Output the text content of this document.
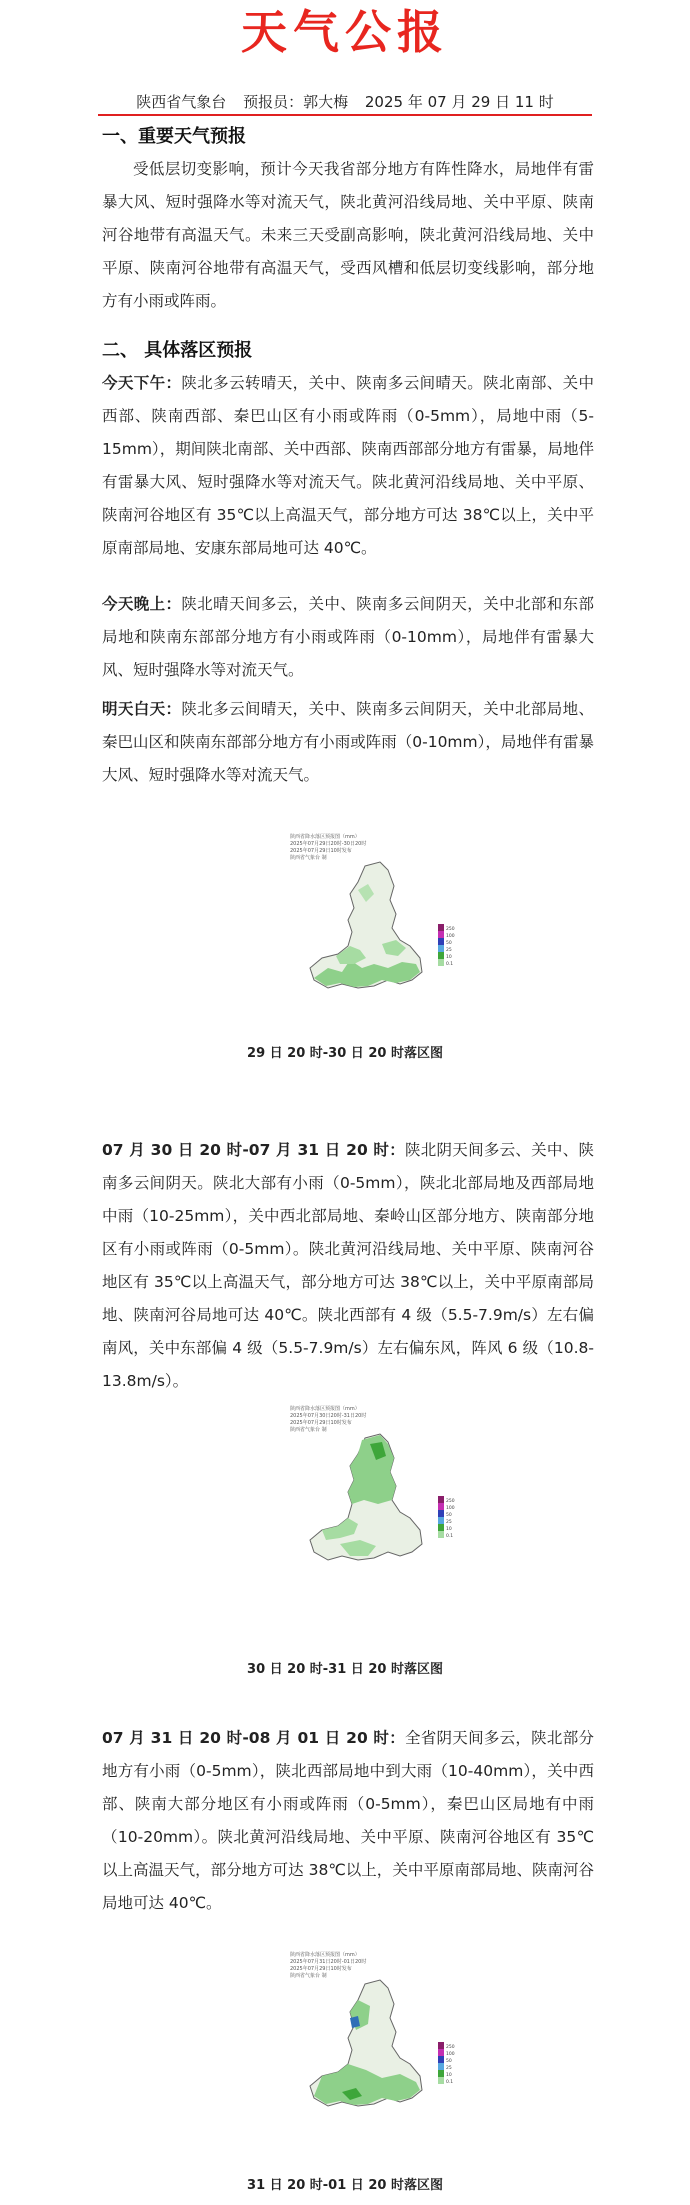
天气公报
陕西省气象台 预报员：郭大梅 2025 年 07 月 29 日 11 时
一、重要天气预报
受低层切变影响，预计今天我省部分地方有阵性降水，局地伴有雷暴大风、短时强降水等对流天气，陕北黄河沿线局地、关中平原、陕南河谷地带有高温天气。未来三天受副高影响，陕北黄河沿线局地、关中平原、陕南河谷地带有高温天气，受西风槽和低层切变线影响，部分地方有小雨或阵雨。
二、 具体落区预报
今天下午：陕北多云转晴天，关中、陕南多云间晴天。陕北南部、关中西部、陕南西部、秦巴山区有小雨或阵雨（0-5mm），局地中雨（5-15mm），期间陕北南部、关中西部、陕南西部部分地方有雷暴，局地伴有雷暴大风、短时强降水等对流天气。陕北黄河沿线局地、关中平原、陕南河谷地区有 35℃以上高温天气，部分地方可达 38℃以上，关中平原南部局地、安康东部局地可达 40℃。
今天晚上：陕北晴天间多云，关中、陕南多云间阴天，关中北部和东部局地和陕南东部部分地方有小雨或阵雨（0-10mm），局地伴有雷暴大风、短时强降水等对流天气。
明天白天：陕北多云间晴天，关中、陕南多云间阴天，关中北部局地、秦巴山区和陕南东部部分地方有小雨或阵雨（0-10mm），局地伴有雷暴大风、短时强降水等对流天气。
陕西省降水落区预报图（mm）
2025年07月29日20时-30日20时
2025年07月29日10时发布
陕西省气象台 制
250
100
50
25
10
0.1
29 日 20 时-30 日 20 时落区图
07 月 30 日 20 时-07 月 31 日 20 时：陕北阴天间多云、关中、陕南多云间阴天。陕北大部有小雨（0-5mm），陕北北部局地及西部局地中雨（10-25mm），关中西北部局地、秦岭山区部分地方、陕南部分地区有小雨或阵雨（0-5mm）。陕北黄河沿线局地、关中平原、陕南河谷地区有 35℃以上高温天气，部分地方可达 38℃以上，关中平原南部局地、陕南河谷局地可达 40℃。陕北西部有 4 级（5.5-7.9m/s）左右偏南风，关中东部偏 4 级（5.5-7.9m/s）左右偏东风，阵风 6 级（10.8-13.8m/s）。
陕西省降水落区预报图（mm）
2025年07月30日20时-31日20时
2025年07月29日10时发布
陕西省气象台 制
250
100
50
25
10
0.1
30 日 20 时-31 日 20 时落区图
07 月 31 日 20 时-08 月 01 日 20 时：全省阴天间多云，陕北部分地方有小雨（0-5mm），陕北西部局地中到大雨（10-40mm），关中西部、陕南大部分地区有小雨或阵雨（0-5mm），秦巴山区局地有中雨（10-20mm）。陕北黄河沿线局地、关中平原、陕南河谷地区有 35℃以上高温天气，部分地方可达 38℃以上，关中平原南部局地、陕南河谷局地可达 40℃。
陕西省降水落区预报图（mm）
2025年07月31日20时-01日20时
2025年07月29日10时发布
陕西省气象台 制
250
100
50
25
10
0.1
31 日 20 时-01 日 20 时落区图
